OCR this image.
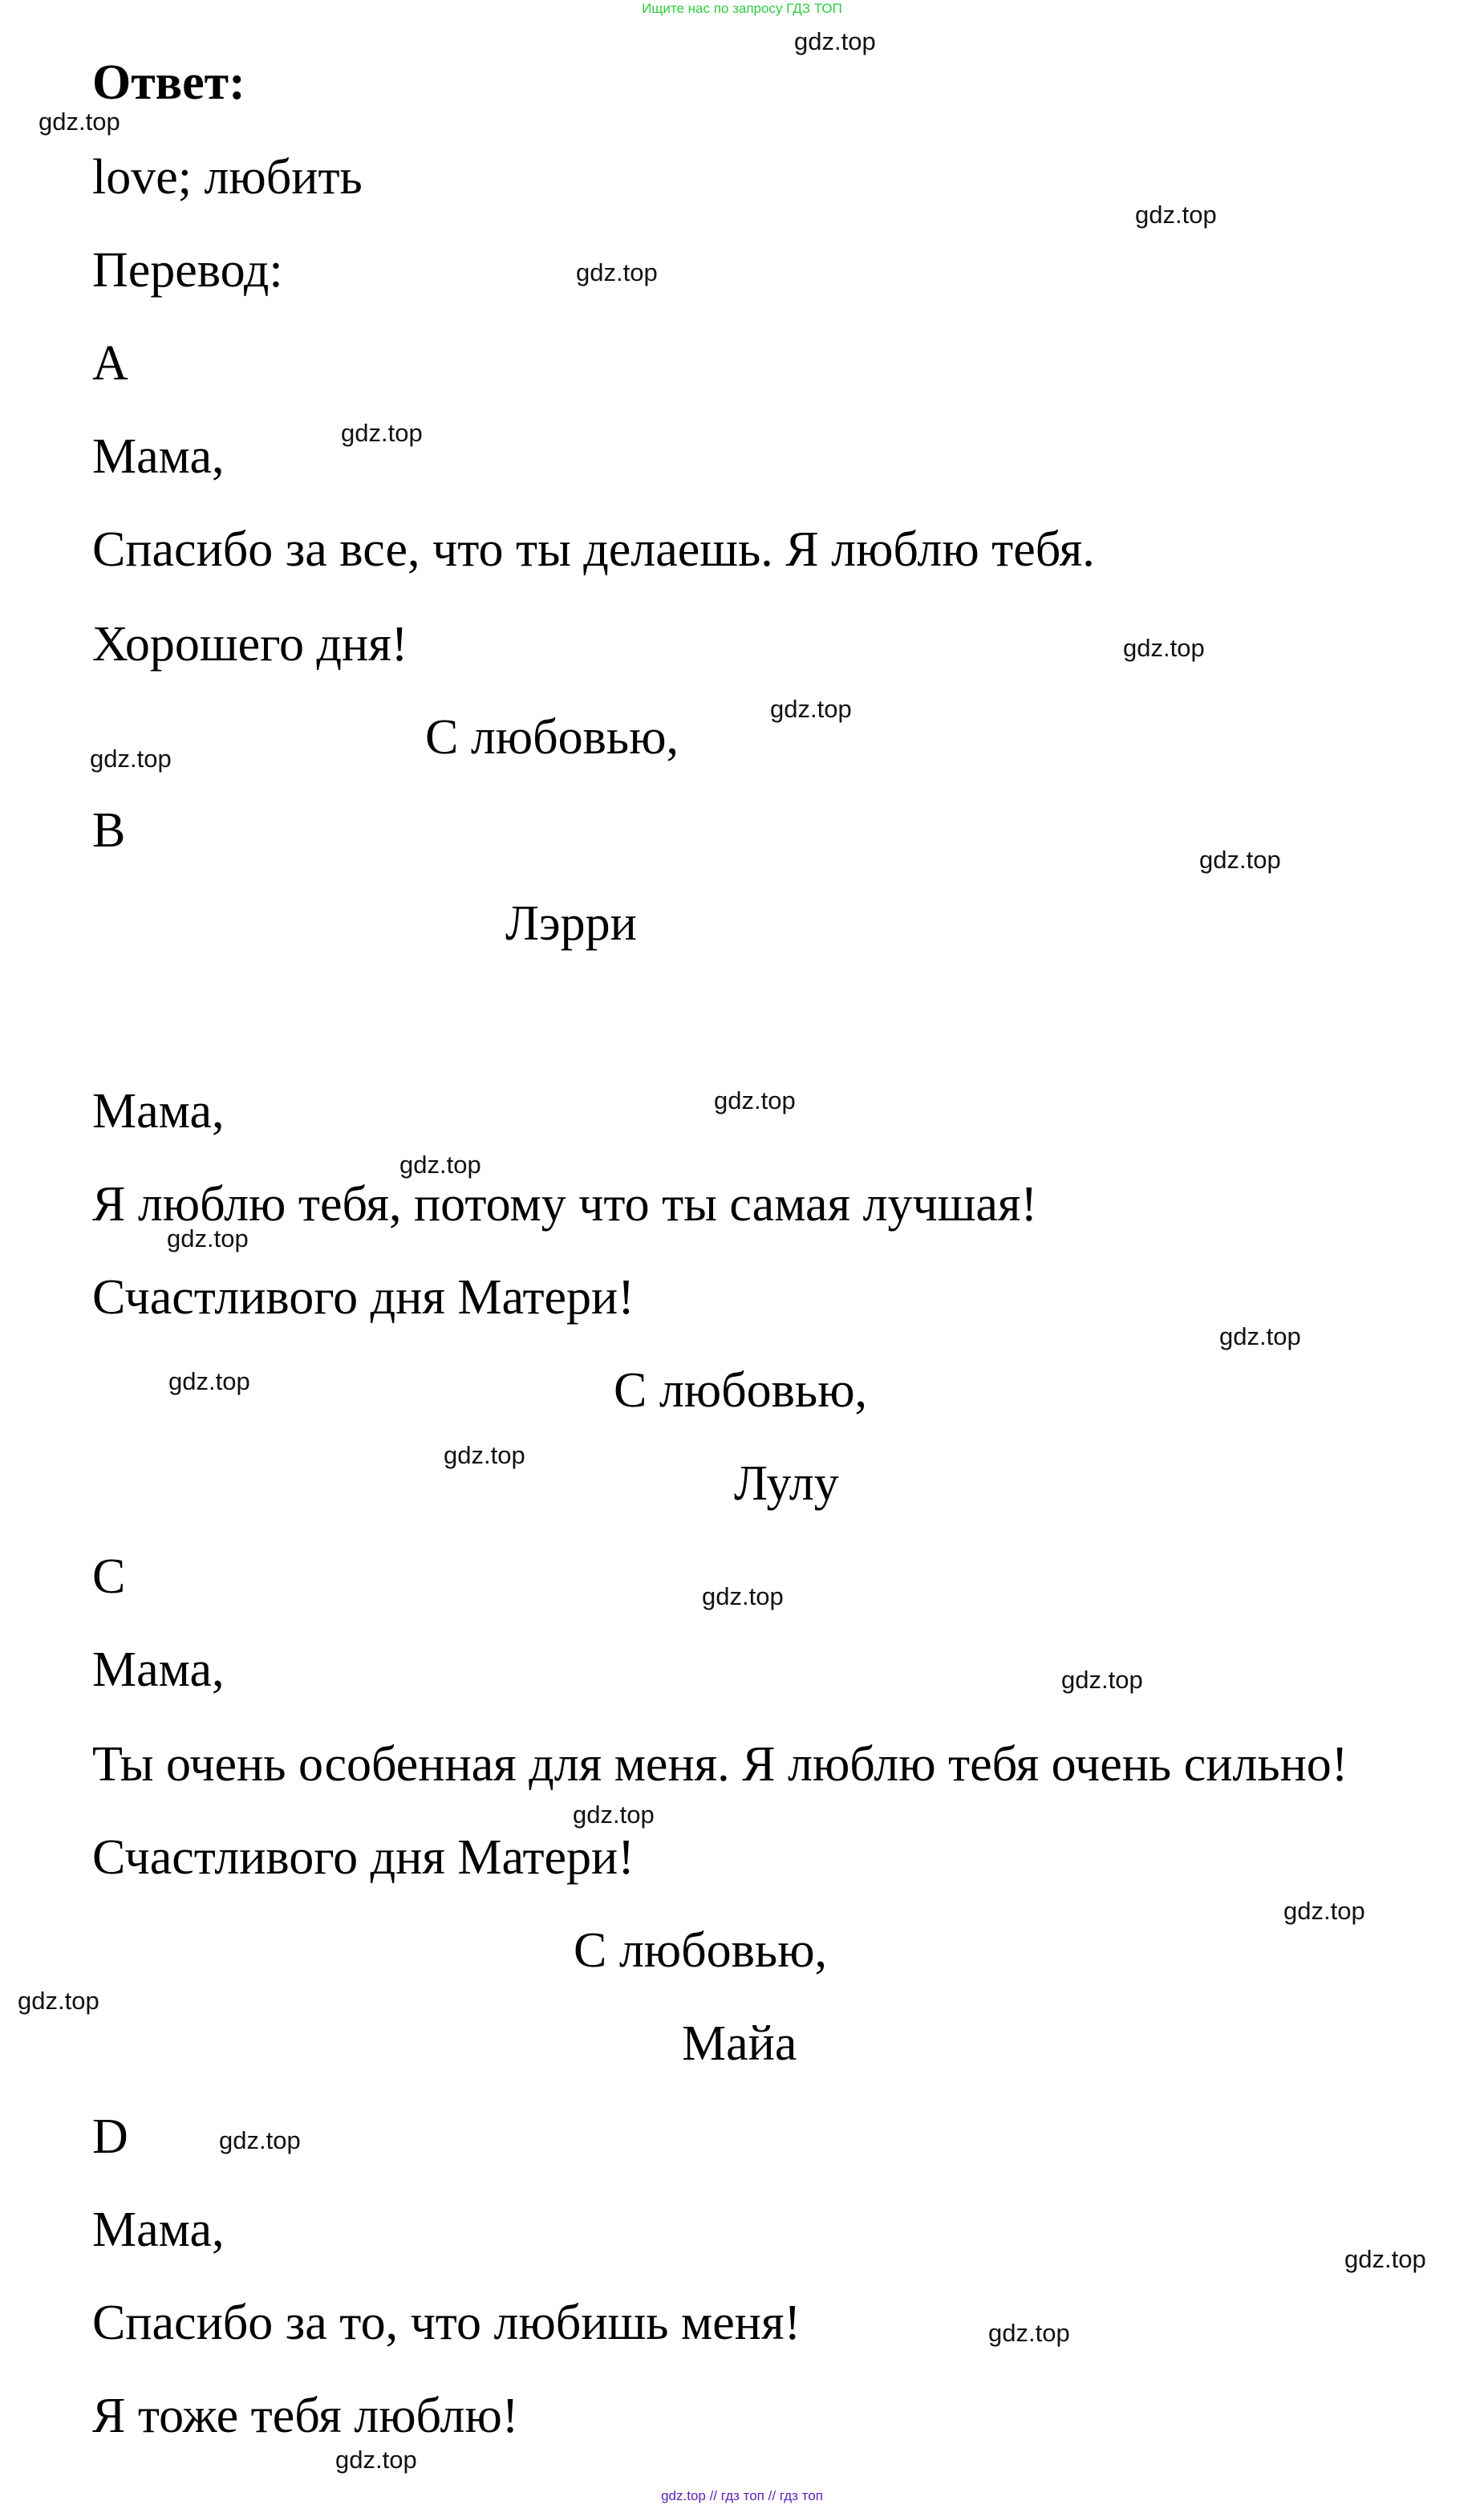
Ищите нас по запросу ГДЗ ТОП
Ответ:
love; любить
Перевод:
A
Мама,
Спасибо за все, что ты делаешь. Я люблю тебя.
Хорошего дня!
С любовью,
B
Лэрри
Мама,
Я люблю тебя, потому что ты самая лучшая!
Счастливого дня Матери!
С любовью,
Лулу
C
Мама,
Ты очень особенная для меня. Я люблю тебя очень сильно!
Счастливого дня Матери!
С любовью,
Майа
D
Мама,
Спасибо за то, что любишь меня!
Я тоже тебя люблю!
gdz.top
gdz.top
gdz.top
gdz.top
gdz.top
gdz.top
gdz.top
gdz.top
gdz.top
gdz.top
gdz.top
gdz.top
gdz.top
gdz.top
gdz.top
gdz.top
gdz.top
gdz.top
gdz.top
gdz.top
gdz.top
gdz.top
gdz.top
gdz.top
gdz.top // гдз топ // гдз топ
